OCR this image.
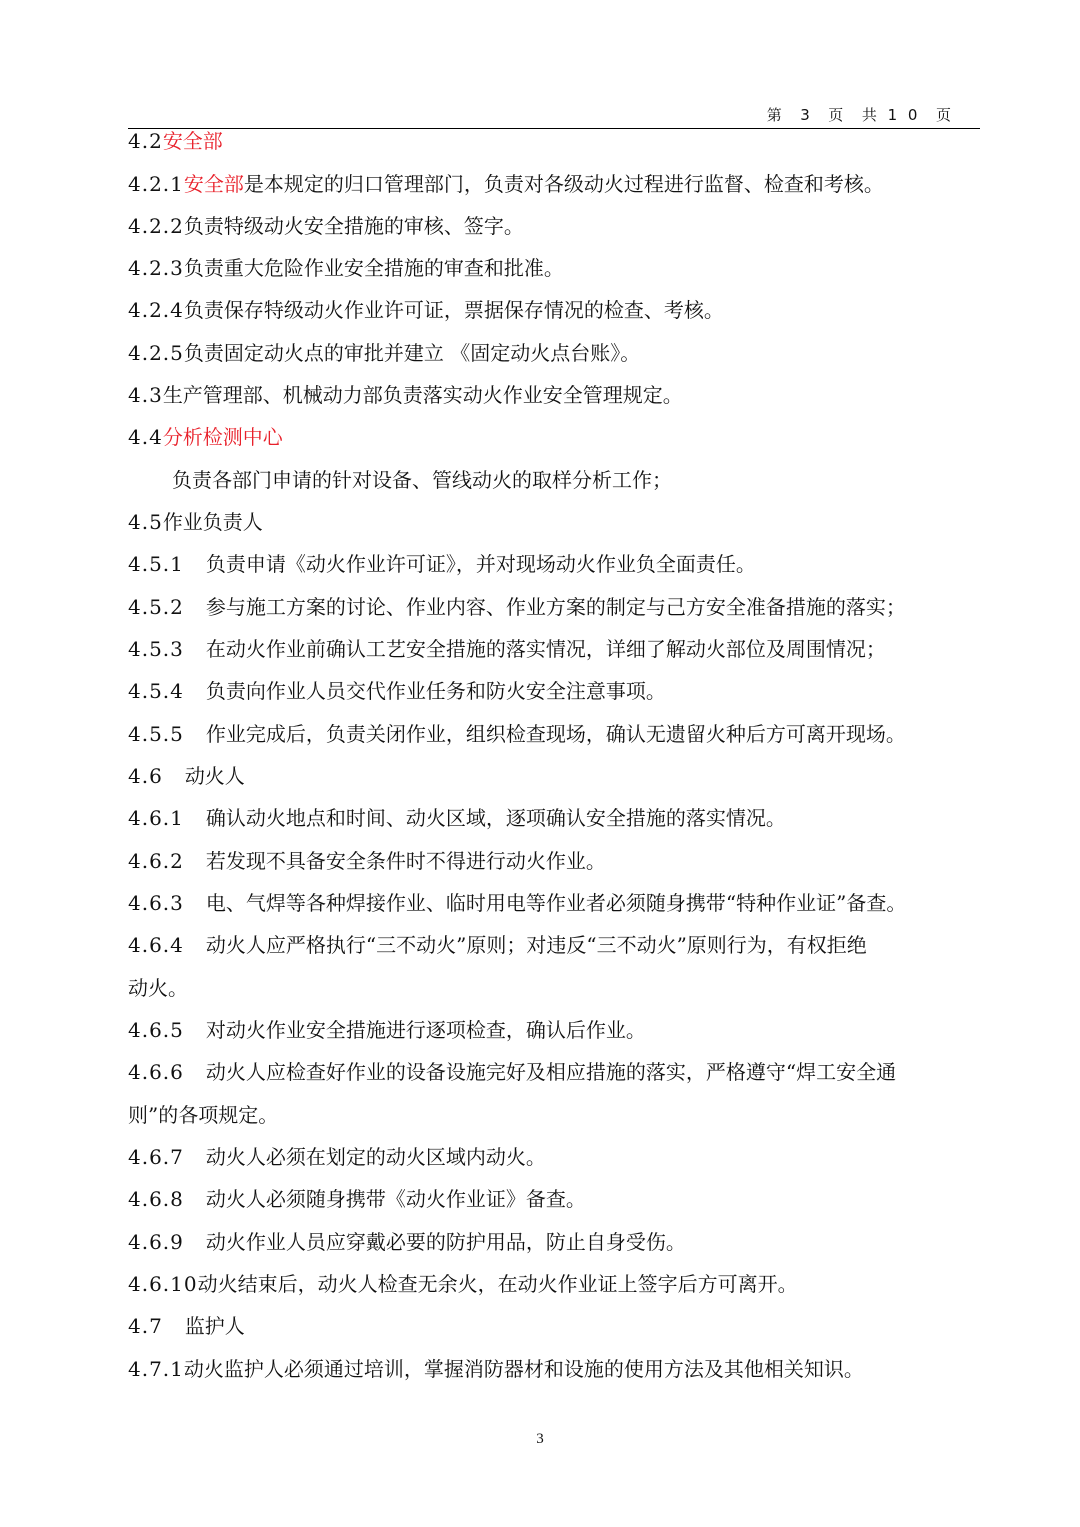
第  3  页  共 1 0  页
4.2安全部
4.2.1安全部是本规定的归口管理部门，负责对各级动火过程进行监督、检查和考核。
4.2.2负责特级动火安全措施的审核、签字。
4.2.3负责重大危险作业安全措施的审查和批准。
4.2.4负责保存特级动火作业许可证，票据保存情况的检查、考核。
4.2.5负责固定动火点的审批并建立 《固定动火点台账》。
4.3生产管理部、机械动力部负责落实动火作业安全管理规定。
4.4分析检测中心
负责各部门申请的针对设备、管线动火的取样分析工作；
4.5作业负责人
4.5.1 负责申请《动火作业许可证》，并对现场动火作业负全面责任。
4.5.2 参与施工方案的讨论、作业内容、作业方案的制定与己方安全准备措施的落实；
4.5.3 在动火作业前确认工艺安全措施的落实情况，详细了解动火部位及周围情况；
4.5.4 负责向作业人员交代作业任务和防火安全注意事项。
4.5.5 作业完成后，负责关闭作业，组织检查现场，确认无遗留火种后方可离开现场。
4.6 动火人
4.6.1 确认动火地点和时间、动火区域，逐项确认安全措施的落实情况。
4.6.2 若发现不具备安全条件时不得进行动火作业。
4.6.3 电、气焊等各种焊接作业、临时用电等作业者必须随身携带“特种作业证”备查。
4.6.4 动火人应严格执行“三不动火”原则；对违反“三不动火”原则行为，有权拒绝
动火。
4.6.5 对动火作业安全措施进行逐项检查，确认后作业。
4.6.6 动火人应检查好作业的设备设施完好及相应措施的落实，严格遵守“焊工安全通
则”的各项规定。
4.6.7 动火人必须在划定的动火区域内动火。
4.6.8 动火人必须随身携带《动火作业证》备查。
4.6.9 动火作业人员应穿戴必要的防护用品，防止自身受伤。
4.6.10动火结束后，动火人检查无余火，在动火作业证上签字后方可离开。
4.7 监护人
4.7.1动火监护人必须通过培训，掌握消防器材和设施的使用方法及其他相关知识。
3
